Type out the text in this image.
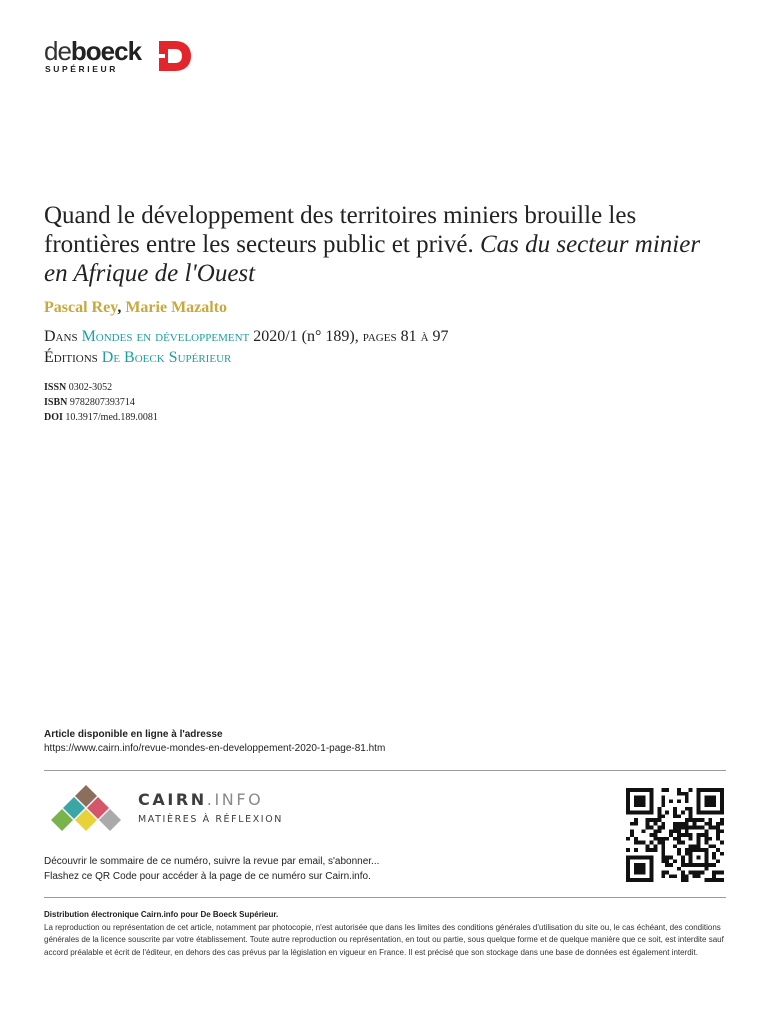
deboeck
SUPÉRIEUR
Quand le développement des territoires miniers brouille les frontières entre les secteurs public et privé. Cas du secteur minier en Afrique de l'Ouest
Pascal Rey, Marie Mazalto
Dans Mondes en développement 2020/1 (n° 189), pages 81 à 97
Éditions De Boeck Supérieur
ISSN 0302-3052
ISBN 9782807393714
DOI 10.3917/med.189.0081
Article disponible en ligne à l'adresse
https://www.cairn.info/revue-mondes-en-developpement-2020-1-page-81.htm
CAIRN.INFO
MATIÈRES À RÉFLEXION
Découvrir le sommaire de ce numéro, suivre la revue par email, s'abonner...
Flashez ce QR Code pour accéder à la page de ce numéro sur Cairn.info.
Distribution électronique Cairn.info pour De Boeck Supérieur.
La reproduction ou représentation de cet article, notamment par photocopie, n'est autorisée que dans les limites des conditions générales d'utilisation du site ou, le cas échéant, des conditions générales de la licence souscrite par votre établissement. Toute autre reproduction ou représentation, en tout ou partie, sous quelque forme et de quelque manière que ce soit, est interdite sauf accord préalable et écrit de l'éditeur, en dehors des cas prévus par la législation en vigueur en France. Il est précisé que son stockage dans une base de données est également interdit.
